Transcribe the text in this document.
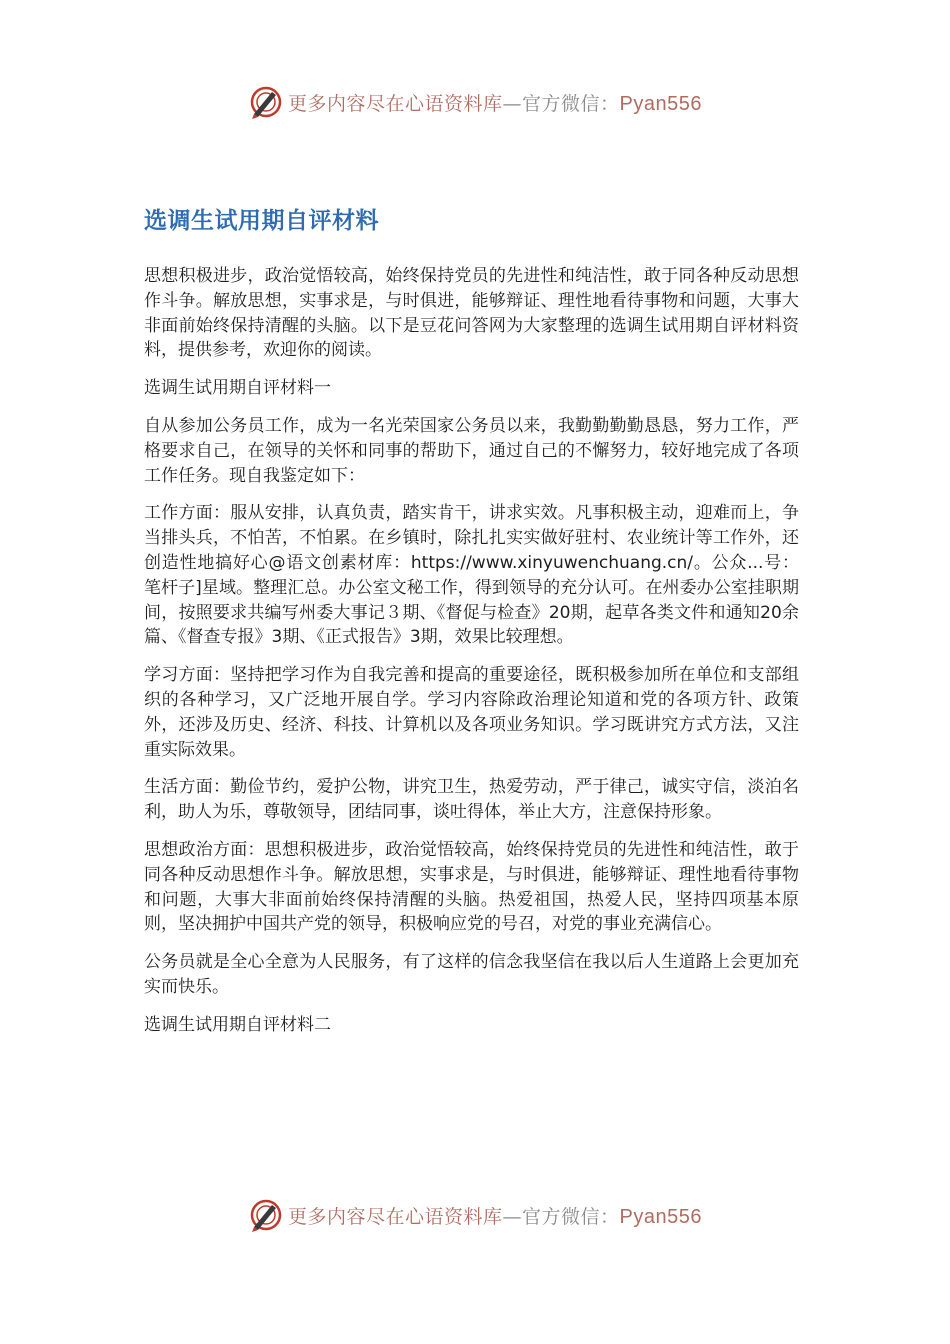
更多内容尽在心语资料库—官方微信：Pyan556
选调生试用期自评材料

思想积极进步，政治觉悟较高，始终保持党员的先进性和纯洁性，敢于同各种反动思想作斗争。解放思想，实事求是，与时俱进，能够辩证、理性地看待事物和问题，大事大非面前始终保持清醒的头脑。以下是豆花问答网为大家整理的选调生试用期自评材料资料，提供参考，欢迎你的阅读。

选调生试用期自评材料一

自从参加公务员工作，成为一名光荣国家公务员以来，我勤勤勤勤恳恳，努力工作，严格要求自己，在领导的关怀和同事的帮助下，通过自己的不懈努力，较好地完成了各项工作任务。现自我鉴定如下：

工作方面：服从安排，认真负责，踏实肯干，讲求实效。凡事积极主动，迎难而上，争当排头兵，不怕苦，不怕累。在乡镇时，除扎扎实实做好驻村、农业统计等工作外，还创造性地搞好心@语文创素材库：https://www.xinyuwenchuang.cn/。公众...号：笔杆子]星域。整理汇总。办公室文秘工作，得到领导的充分认可。在州委办公室挂职期间，按照要求共编写州委大事记３期、《督促与检查》20期，起草各类文件和通知20余篇、《督查专报》3期、《正式报告》3期，效果比较理想。

学习方面：坚持把学习作为自我完善和提高的重要途径，既积极参加所在单位和支部组织的各种学习，又广泛地开展自学。学习内容除政治理论知道和党的各项方针、政策外，还涉及历史、经济、科技、计算机以及各项业务知识。学习既讲究方式方法，又注重实际效果。

生活方面：勤俭节约，爱护公物，讲究卫生，热爱劳动，严于律己，诚实守信，淡泊名利，助人为乐，尊敬领导，团结同事，谈吐得体，举止大方，注意保持形象。

思想政治方面：思想积极进步，政治觉悟较高，始终保持党员的先进性和纯洁性，敢于同各种反动思想作斗争。解放思想，实事求是，与时俱进，能够辩证、理性地看待事物和问题，大事大非面前始终保持清醒的头脑。热爱祖国，热爱人民，坚持四项基本原则，坚决拥护中国共产党的领导，积极响应党的号召，对党的事业充满信心。

公务员就是全心全意为人民服务，有了这样的信念我坚信在我以后人生道路上会更加充实而快乐。

选调生试用期自评材料二

更多内容尽在心语资料库—官方微信：Pyan556
